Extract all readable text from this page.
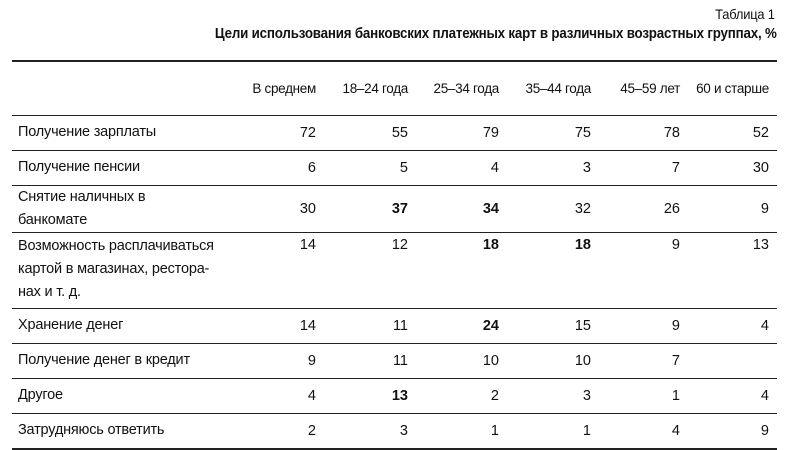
Таблица 1
Цели использования банковских платежных карт в различных возрастных группах, %
	В среднем	18–24 года	25–34 года	35–44 года	45–59 лет	60 и старше
Получение зарплаты	72	55	79	75	78	52
Получение пенсии	6	5	4	3	7	30
Снятие наличных в банкомате	30	37	34	32	26	9
Возможность расплачиваться
картой в магазинах, рестора-
нах и т. д.	14	12	18	18	9	13
Хранение денег	14	11	24	15	9	4
Получение денег в кредит	9	11	10	10	7	
Другое	4	13	2	3	1	4
Затрудняюсь ответить	2	3	1	1	4	9
